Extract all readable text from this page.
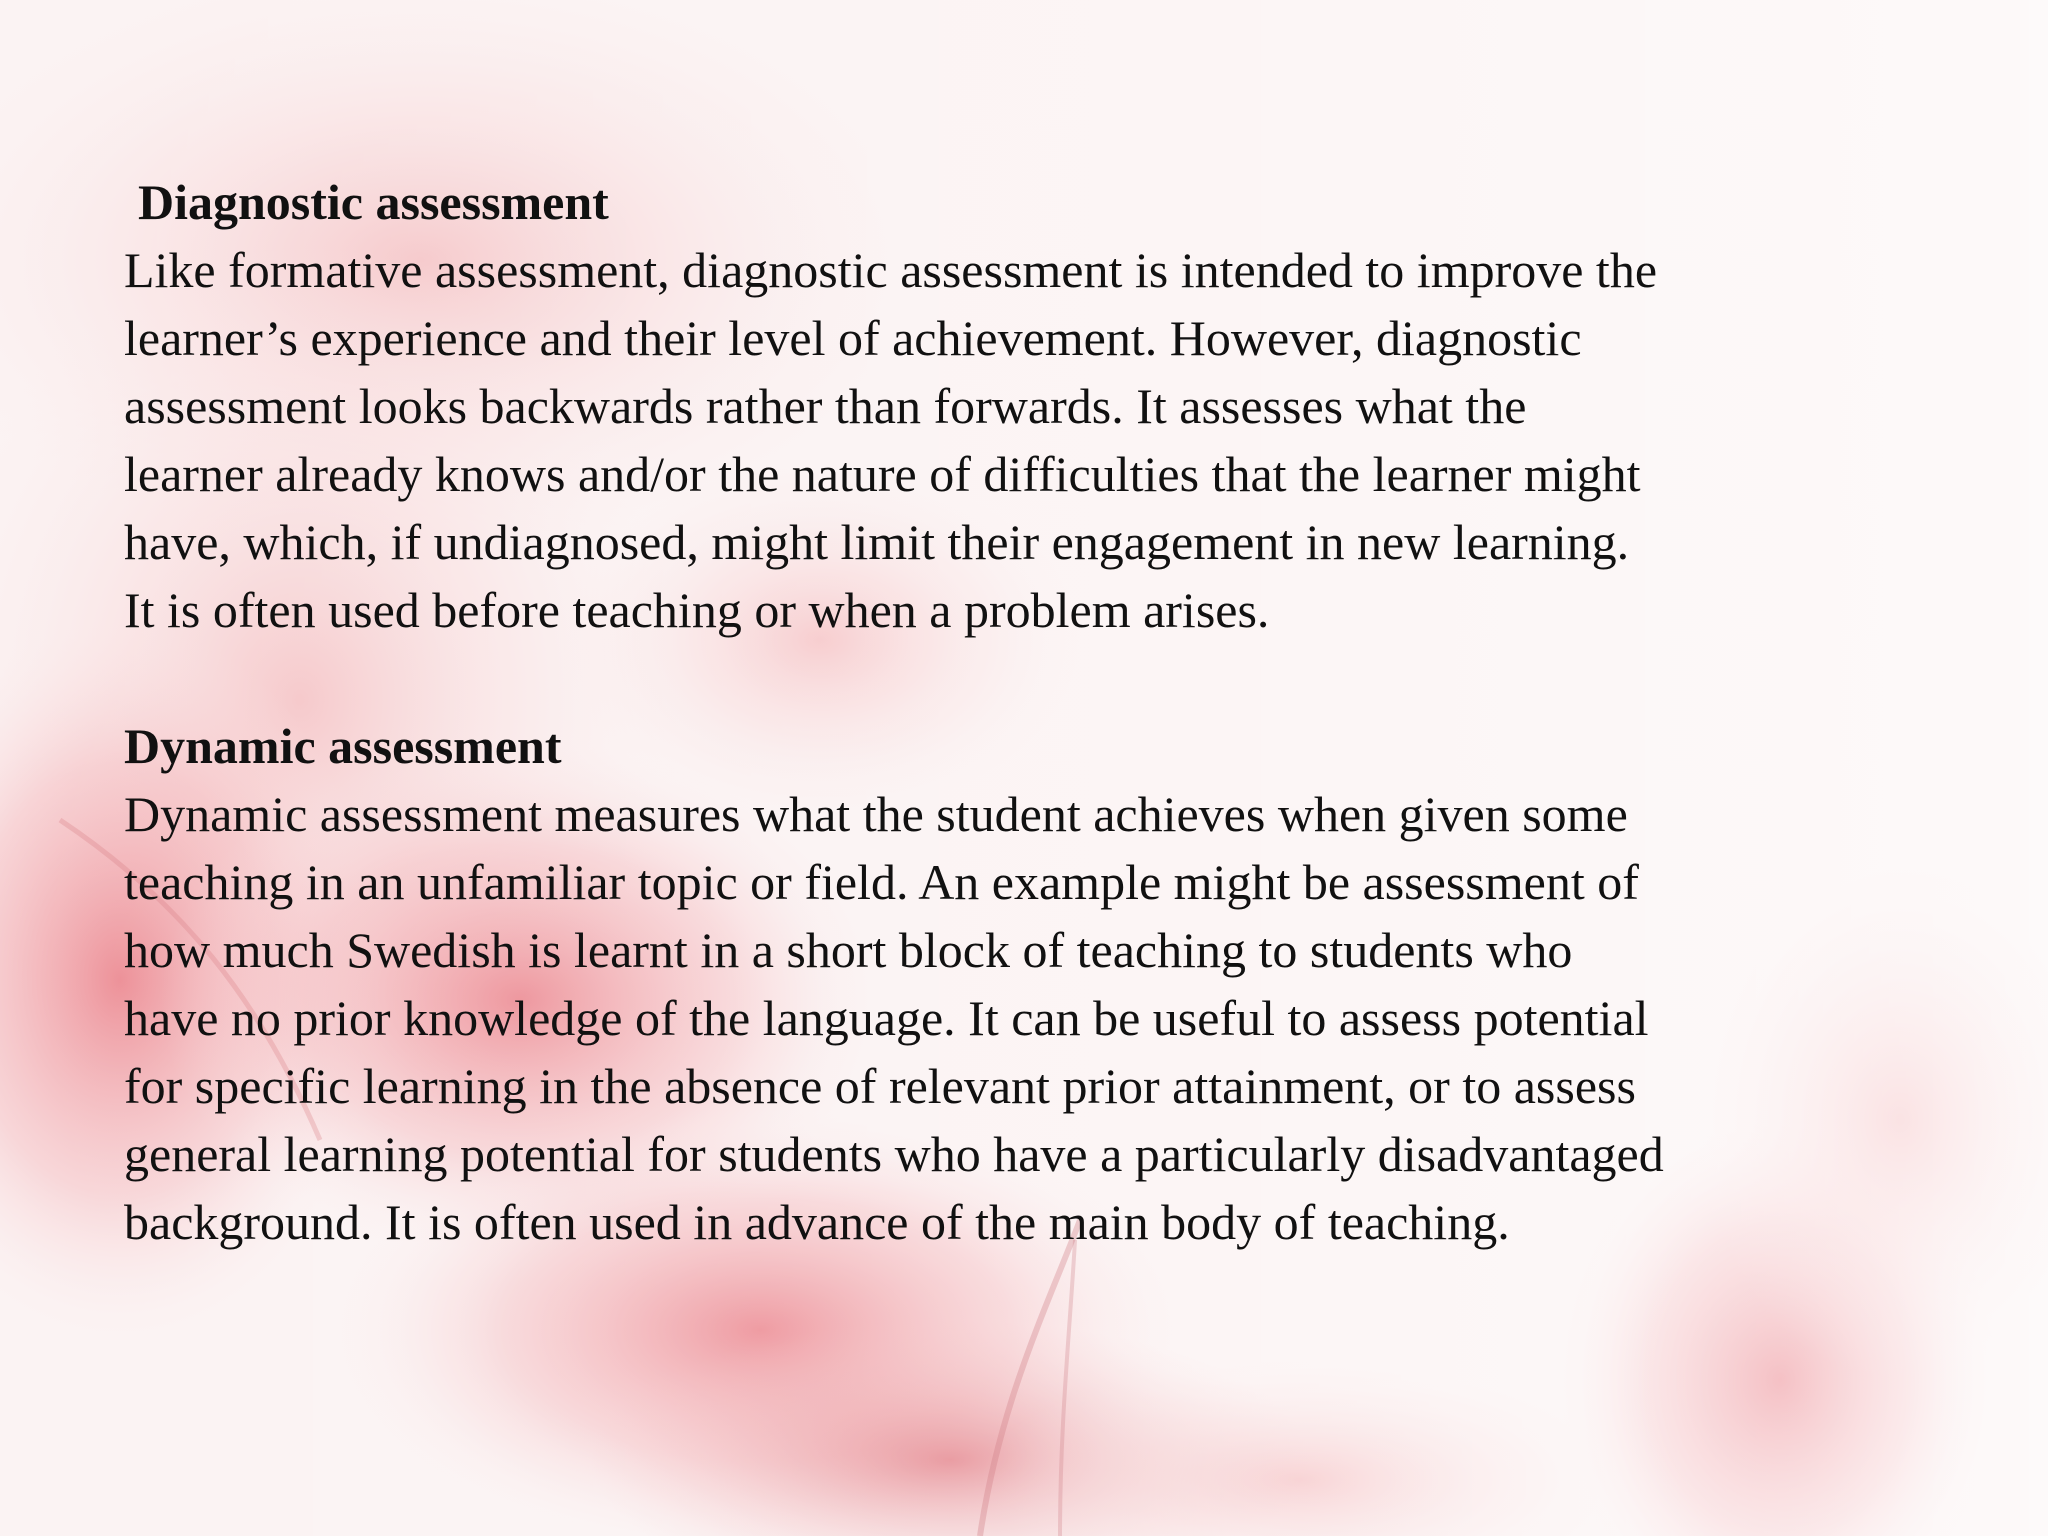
Diagnostic assessment

Like formative assessment, diagnostic assessment is intended to improve the
learner’s experience and their level of achievement. However, diagnostic
assessment looks backwards rather than forwards. It assesses what the
learner already knows and/or the nature of difficulties that the learner might
have, which, if undiagnosed, might limit their engagement in new learning.
It is often used before teaching or when a problem arises.

Dynamic assessment

Dynamic assessment measures what the student achieves when given some
teaching in an unfamiliar topic or field. An example might be assessment of
how much Swedish is learnt in a short block of teaching to students who
have no prior knowledge of the language. It can be useful to assess potential
for specific learning in the absence of relevant prior attainment, or to assess
general learning potential for students who have a particularly disadvantaged
background. It is often used in advance of the main body of teaching.
